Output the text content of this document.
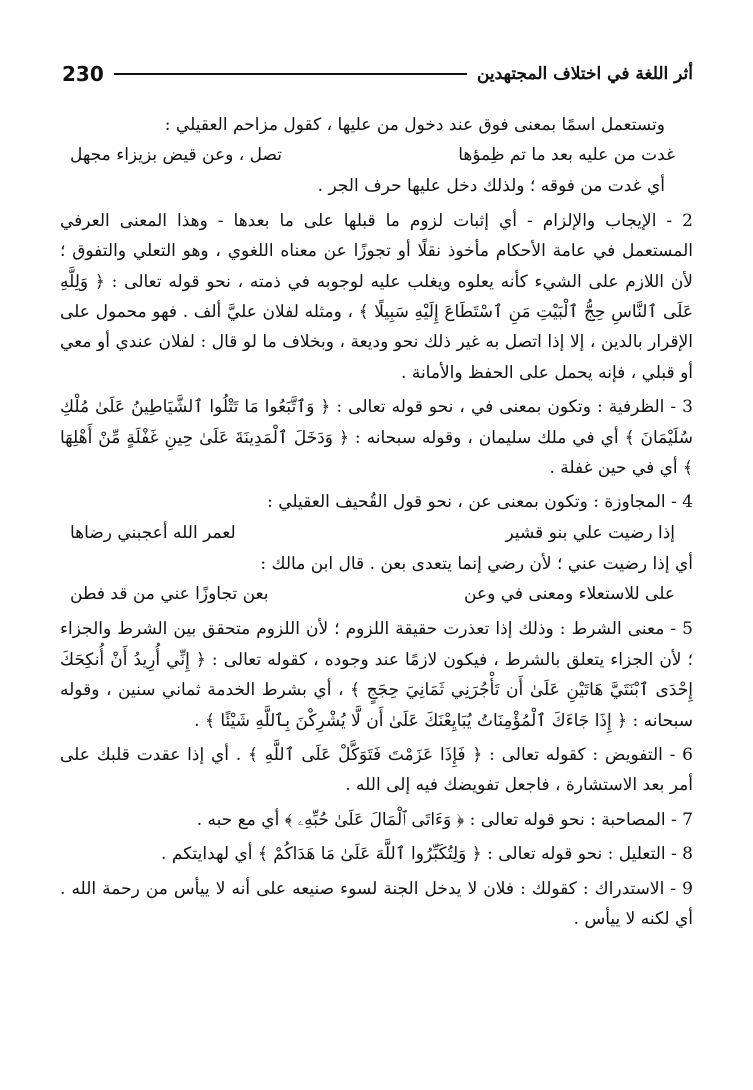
230	أثر اللغة في اختلاف المجتهدين

وتستعمل اسمًا بمعنى فوق عند دخول من عليها ، كقول مزاحم العقيلي :

غدت من عليه بعد ما تم ظِمؤها
تصل ، وعن قيض بزيزاء مجهل

أي غدت من فوقه ؛ ولذلك دخل عليها حرف الجر .

2 - الإيجاب والإلزام - أي إثبات لزوم ما قبلها على ما بعدها - وهذا المعنى العرفي المستعمل في عامة الأحكام مأخوذ نقلًا أو تجوزًا عن معناه اللغوي ، وهو التعلي والتفوق ؛ لأن اللازم على الشيء كأنه يعلوه ويغلب عليه لوجوبه في ذمته ، نحو قوله تعالى : ﴿ وَلِلَّهِ عَلَى ٱلنَّاسِ حِجُّ ٱلْبَيْتِ مَنِ ٱسْتَطَاعَ إِلَيْهِ سَبِيلًا ﴾ ، ومثله لفلان عليَّ ألف . فهو محمول على الإقرار بالدين ، إلا إذا اتصل به غير ذلك نحو وديعة ، وبخلاف ما لو قال : لفلان عندي أو معي أو قبلي ، فإنه يحمل على الحفظ والأمانة .

3 - الظرفية : وتكون بمعنى في ، نحو قوله تعالى : ﴿ وَٱتَّبَعُوا مَا تَتْلُوا ٱلشَّيَاطِينُ عَلَىٰ مُلْكِ سُلَيْمَانَ ﴾ أي في ملك سليمان ، وقوله سبحانه : ﴿ وَدَخَلَ ٱلْمَدِينَةَ عَلَىٰ حِينِ غَفْلَةٍ مِّنْ أَهْلِهَا ﴾ أي في حين غفلة .

4 - المجاوزة : وتكون بمعنى عن ، نحو قول القُحيف العقيلي :

إذا رضيت علي بنو قشير
لعمر الله أعجبني رضاها

أي إذا رضيت عني ؛ لأن رضي إنما يتعدى بعن . قال ابن مالك :

على للاستعلاء ومعنى في وعن
بعن تجاوزًا عني من قد فطن

5 - معنى الشرط : وذلك إذا تعذرت حقيقة اللزوم ؛ لأن اللزوم متحقق بين الشرط والجزاء ؛ لأن الجزاء يتعلق بالشرط ، فيكون لازمًا عند وجوده ، كقوله تعالى : ﴿ إِنِّي أُرِيدُ أَنْ أُنكِحَكَ إِحْدَى ٱبْنَتَيَّ هَاتَيْنِ عَلَىٰ أَن تَأْجُرَنِي ثَمَانِيَ حِجَجٍ ﴾ ، أي بشرط الخدمة ثماني سنين ، وقوله سبحانه : ﴿ إِذَا جَاءَكَ ٱلْمُؤْمِنَاتُ يُبَايِعْنَكَ عَلَىٰ أَن لَّا يُشْرِكْنَ بِٱللَّهِ شَيْئًا ﴾ .

6 - التفويض : كقوله تعالى : ﴿ فَإِذَا عَزَمْتَ فَتَوَكَّلْ عَلَى ٱللَّهِ ﴾ . أي إذا عقدت قلبك على أمر بعد الاستشارة ، فاجعل تفويضك فيه إلى الله .

7 - المصاحبة : نحو قوله تعالى : ﴿ وَءَاتَى ٱلْمَالَ عَلَىٰ حُبِّهِۦ ﴾ أي مع حبه .

8 - التعليل : نحو قوله تعالى : ﴿ وَلِتُكَبِّرُوا ٱللَّهَ عَلَىٰ مَا هَدَاكُمْ ﴾ أي لهدايتكم .

9 - الاستدراك : كقولك : فلان لا يدخل الجنة لسوء صنيعه على أنه لا ييأس من رحمة الله . أي لكنه لا ييأس .
